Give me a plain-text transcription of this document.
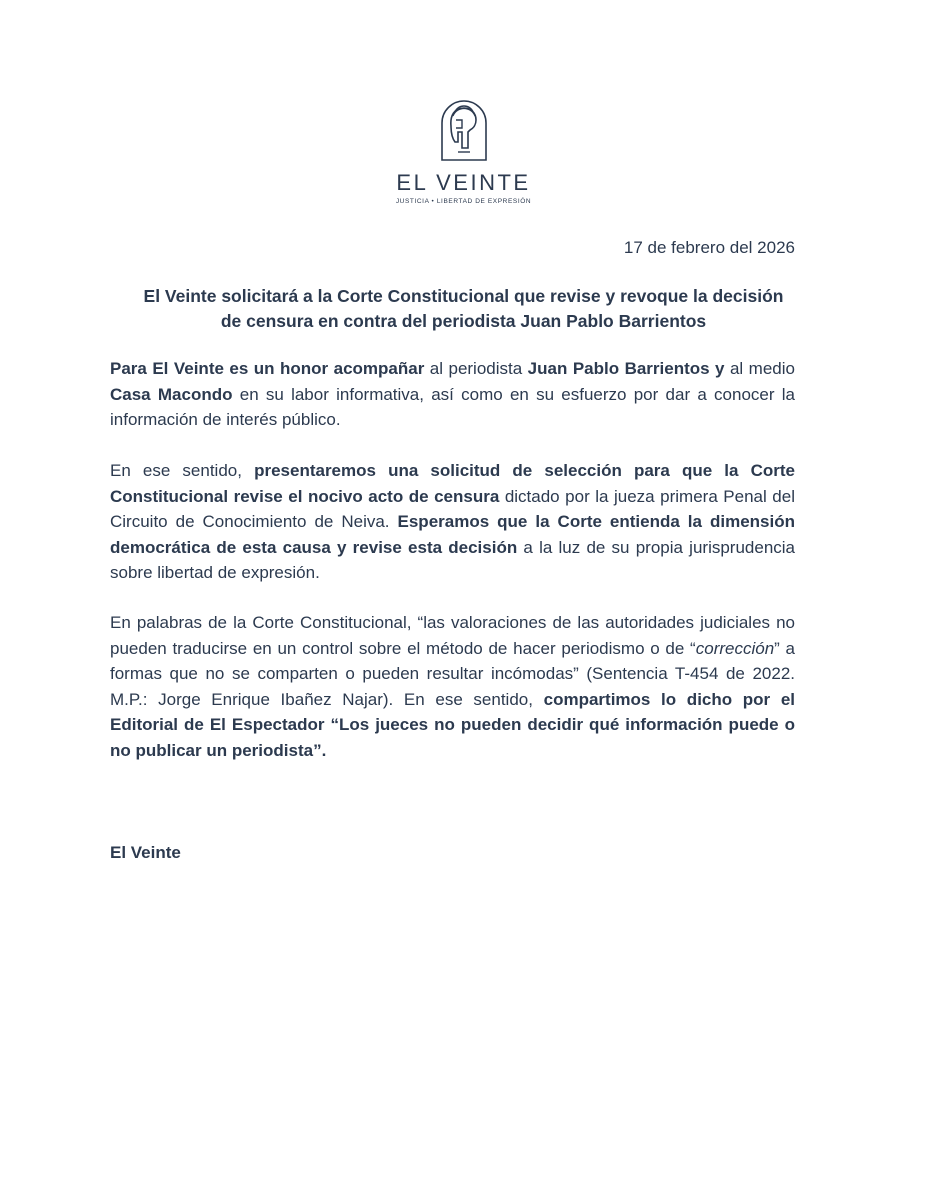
EL VEINTE
JUSTICIA • LIBERTAD DE EXPRESIÓN
17 de febrero del 2026
El Veinte solicitará a la Corte Constitucional que revise y revoque la decisión de censura en contra del periodista Juan Pablo Barrientos

Para El Veinte es un honor acompañar al periodista Juan Pablo Barrientos y al medio Casa Macondo en su labor informativa, así como en su esfuerzo por dar a conocer la información de interés público.

En ese sentido, presentaremos una solicitud de selección para que la Corte Constitucional revise el nocivo acto de censura dictado por la jueza primera Penal del Circuito de Conocimiento de Neiva. Esperamos que la Corte entienda la dimensión democrática de esta causa y revise esta decisión a la luz de su propia jurisprudencia sobre libertad de expresión.

En palabras de la Corte Constitucional, “las valoraciones de las autoridades judiciales no pueden traducirse en un control sobre el método de hacer periodismo o de “corrección” a formas que no se comparten o pueden resultar incómodas” (Sentencia T-454 de 2022. M.P.: Jorge Enrique Ibañez Najar). En ese sentido, compartimos lo dicho por el Editorial de El Espectador “Los jueces no pueden decidir qué información puede o no publicar un periodista”.

El Veinte
